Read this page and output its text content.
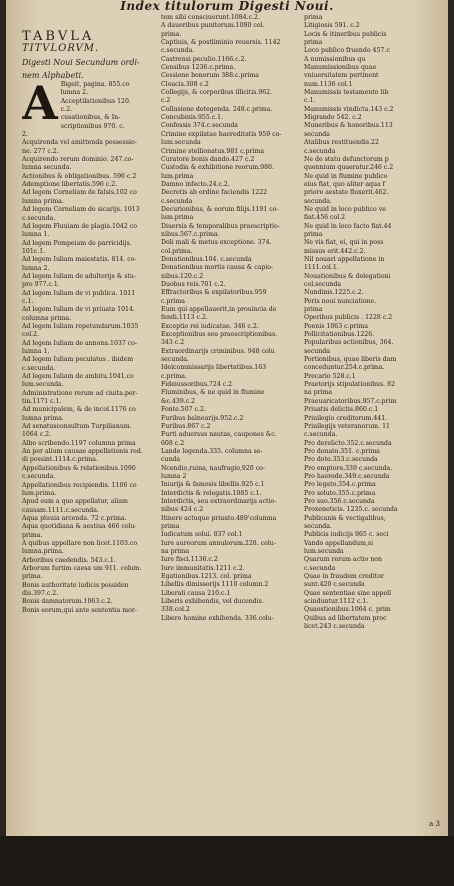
Index titulorum Digesti Noui.
TABVLA
TITVLORVM.
Digesti Noui Secundum ordi-
nem Alphabeti.
A Bigeit, pagina. 855.co
lumna 2.
Acceptilationibus 120.
c.2.
cusationibus, & In-
scriptionibus 970. c.
2.
Acquirenda vel amittenda possessio-
ne. 277 c.2.
Acquirendo rerum dominio. 247.co-
lumna secunda.
Actionibus & obligationibus. 596 c.2
Ademptione libertatis.596 c.2.
Ad legem Corneliam de falsis.102 co
lumna prima.
Ad legem Corneliam de sicarijs. 1013
c.secunda.
Ad legem Fluuiam de plagia.1042 co
lumna 1.
Ad legem Pompeiam de parricidijs.
101c.1.
Ad legem Iuliam maiestatis. 814. co-
lumna 2.
Ad legem Iuliam de adulterijs & stu-
pro 977.c.1.
Ad legem Iuliam de vi publica. 1011
c.1.
Ad legem Iuliam de vi priuata 1014.
columna prima.
Ad legem Iuliam repetundarum.1035
col.2.
Ad legem Iuliam de annona.1037 co-
lumna 1.
Ad legem Iuliam peculatus . ibidem
c.secunda.
Ad legem Iuliam de ambitu.1041.co
lum.secunda.
Administratione rerum ad ciuita.per-
tin.1171 c.1.
Ad municipalem, & de incol.1176 co
lumna prima.
Ad senatusconsultum Turpilianum.
1064 c.2.
Albo scribendo.1197 columna prima
An per alium causae appellationis red.
di possint.1114.c.prima.
Appellationibus & relationibus.1090
c.secunda.
Appellationibus recipiendis. 1106 co
lum.prima.
Apud eum a quo appellatur, aliam
causam.1111.c.secunda.
Aqua pluuia arcenda. 72 c.prima.
Aqua quotidiana & aestiua 466 colu-
prima.
A quibus appellare non licet.1103.co
lumna.prima.
Arboribus caedendis. 543.c.1.
Arborum furtim caesa um 911. colum.
prima.
Bonis authoritate iudicis possiden
dis.397.c.2.
Bonis damnatorum.1063.c.2.
Bonis eorum,qui ante sententia mor-
tem sibi consciuerunt.1084.c.2.
A daueribus punitorum.1090 col.
prima.
Captiuis, & postliminio reuersis. 1142
c.secunda.
Castrensi peculio.1166.c.2.
Censibus 1236.c.prima.
Cessione bonorum 388.c.prima
Cloacis.308 c.2
Collegijs, & corporibus illicitis.962.
c.2
Collusione detegenda. 248.c.prima.
Concubinis.955.c.1.
Confessis 374.c.secunda
Crimine expilatae haereditatis 959 co-
lum.secunda
Crimine stellionatus.981 c.prima
Curatore bonis dando.427 c.2
Custodia & exhibitione reorum.980.
lum.prima
Damno infecto.24.c.2.
Decretis ab ordine faciendis 1222
c.secunda
Decurionibus, & eorum filijs.1191 co-
lum.prima
Diuersis & temporalibus praescriptio-
nibus.567.c.prima.
Doli mali & metus exceptione. 374.
col.prima.
Donationibus.104. c.secunda
Donationibus mortis causa & capio-
nibus.120.c.2
Duobus reis.701 c.2.
Effractoribus & expilatoribus.959
c.prima
Eum qui appellauerit,in prouincia de
fendi.1113 c.2.
Exceptio rei iudicatae. 346 c.2.
Exceptionibus seu praescriptionibus.
343 c.2
Extraordinarijs criminibus. 948 colu
secunda.
Ideicommissarijs libertatibus.163
c.prima.
Fideiussoribus.724 c.2
Fluminibus, & ne quid in flumine
&c.439.c.2
Fonte.507 c.2.
Furibus balnearijs.952.c.2
Furibus.867 c.2
Furti aduersus nautas, caupones &c.
608 c.2
Lande legenda.335. columna se-
cunda
Ncendio,ruina, naufragio,920 co-
lumna 2
Iniurijs & famosis libellis.925 c.1
Interdictis & relegatis.1085 c.1.
Interdictis, seu extraordinarijs actio-
nibus 424 c.2
Itinere actuque priuato.489'columna
prima
Iudicatum solui. 837 col.1
Iure aureorum annulorum.228. colu-
na prima
Iure fisci.1136.c.2
Iure immunitatis.1211 c.2.
Egationibus.1213. col. prima
Libellis dimissorijs 1110 column.2
Liberali causa 210.c.1
Liberis exhibendis, vel ducendis.
338.col.2
Libero homine exhibenda. 336.colu-
prima
Litigiosis 591. c.2
Locis & itineribus publicis
prima
Loco publico fruendo 457.c
A numissionibus qu
Manumissionibus quae
vniuersitatem pertinent
num.1136 col.1
Manumissis testamento lib
c.1.
Manumissis vindicta.143 c.2
Migrando 542. c.2
Muneribus & honoribus.113
secunda
Atalibus restituendis.22
c.secunda
Ne de statu defunctorum p
quennium quaeratur.246 c.2
Ne quid in flumine publico
eius fiat, quo aliter aqua f
priore aestate fluxerit.462.
secunda.
Ne quid in loco publico ve
fiat.456 col.2
Ne quid in loco facto fiat.44
prima
Ne vis fiat, ei, qui in poss
missus erit.442.c.2.
Nil nouari appellatione in
1111.col.1.
Nouationibus & delegationi
col.secunda
Nundinis.1225.c.2.
Peris noui nunciatione.
prima
Operibus publicis . 1228 c.2
Poenis 1063 c.prima
Pollicitationibus.1226.
Popularibus actionibus, 364.
secunda
Portionibus, quae liberis dam
conceduntur.254.c.prima.
Precario 528.c.1
Praetorijs stipulationibus. 82
na prima
Praeuaricatoribus.957.c.prim
Priuatis delictis.860.c.1
Priuilegio creditorum.441.
Priuilegijs veteranorum. 11
c.secunda.
Pro derelicto.352.c.secunda
Pro donato.351. c.prima
Pro dote.353.c.secunda
Pro emptore.339 c.secunda.
Pro haerede.349.c.secunda
Pro legato.354.c.prima
Pro soluto.355.c.prima
Pro suo.356.c.secunda
Proxeneticis. 1235.c. secunda
Publicanis & vectigalibus,
secunda.
Publicis iudicijs 965 c. seci
Vando appellandum,si
lum.secunda
Quarum rerum actio non
c.secunda
Quae in fraudem creditor
sunt.420 c.secunda
Quae sententiae sine appell
scinduntur.1112 c.1.
Quaestionibus.1064 c. prim
Quibus ad libertatem proc
licet.243 c.secunda
a 3
